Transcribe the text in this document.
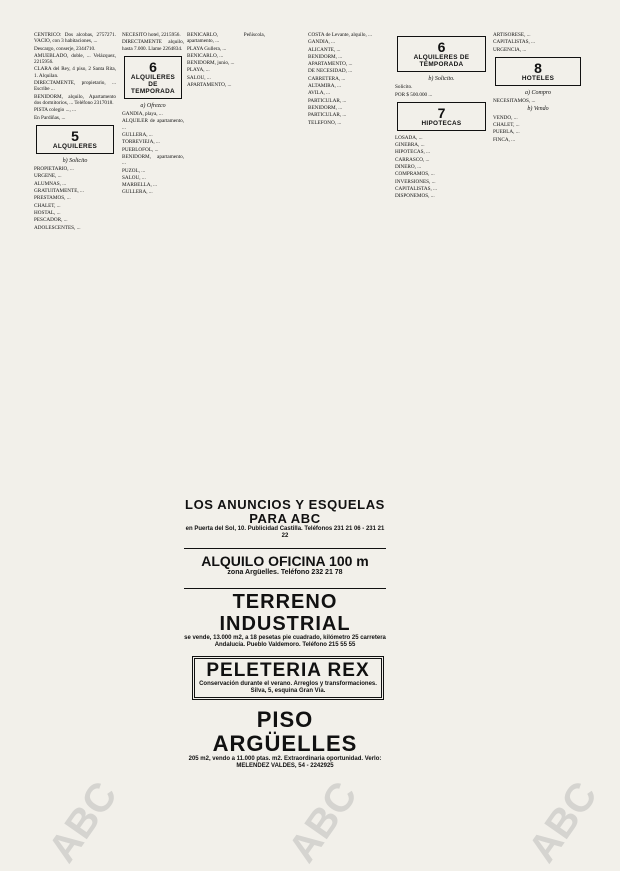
CENTRICO: Dos alcobas, 2757271. VACIO, con 3 habitaciones, ...

Descargo, conserje, 2344710.

AMUEBLADO, doble, ... Velázquez, 2215956.

CLARA del Rey, 4 piso, 2 Santa Rita, 1. Alquilan.

DIRECTAMENTE, propietario, ... Escribe ...

BENIDORM, alquilo, Apartamento dos dormitorios, ... Teléfono 2317018.

PISTA colegio ..., ...

En Pardiñas, ...

5
ALQUILERES
b) Solicito

PROPIETARIO, ...

URGENE, ...

ALUMNAS, ...

GRATUITAMENTE, ...

PRESTAMOS, ...

CHALET, ...

HOSTAL, ...

PESCADOR, ...

ADOLESCENTES, ...

NECESITO hotel, 2215956.

DIRECTAMENTE alquilo, hasta 7.000. Llame 2264834.

6
ALQUILERES DE TEMPORADA
a) Ofrezco

GANDIA, playa, ...

ALQUILER de apartamento, ...

GULLERA, ...

TORREVIEJA, ...

PUEBLOFOL, ...

BENIDORM, apartamento, ...

PUZOL, ...

SALOU, ...

MARBELLA, ...

GULLERA, ...

BENICARLO, Peñíscola, apartamento, ...

PLAYA Gullera, ...

BENICARLO, ...

BENIDORM, junio, ...

PLAYA, ...

SALOU, ...

APARTAMENTO, ...

COSTA de Levante, alquilo, ...

GANDIA, ...

ALICANTE, ...

BENIDORM, ...

APARTAMENTO, ...

DE NECESIDAD, ...

CARRETERA, ...

ALTAMIRA, ...

AVILA, ...

PARTICULAR, ...

BENIDORM, ...

PARTICULAR, ...

TELEFONO, ...

6
ALQUILERES DE TEMPORADA
b) Solicito.

Solicito.

POR $ 500.000 ...

7
HIPOTECAS

LOSADA, ...

GINEBRA, ...

HIPOTECAS, ...

CARRASCO, ...

DINERO, ...

COMPRAMOS, ...

INVERSIONES, ...

CAPITALISTAS, ...

DISPONEMOS, ...

ARTISORESE, ...

CAPITALISTAS, ...

URGENCIA, ...

8
HOTELES
a) Compro

NECESITAMOS, ...

b) Vendo

VENDO, ...

CHALET, ...

PUEBLA, ...

FINCA, ...

LOS ANUNCIOS Y ESQUELAS PARA ABC
en Puerta del Sol, 10. Publicidad Castilla. Teléfonos 231 21 06 - 231 21 22
ALQUILO OFICINA 100 m
zona Argüelles. Teléfono 232 21 78
TERRENO INDUSTRIAL
se vende, 13.000 m2, a 18 pesetas pie cuadrado, kilómetro 25 carretera Andalucía. Pueblo Valdemoro. Teléfono 215 55 55
PELETERIA REX
Conservación durante el verano. Arreglos y transformaciones. Silva, 5, esquina Gran Vía.
PISO ARGÜELLES
205 m2, vendo a 11.000 ptas. m2. Extraordinaria oportunidad. Verlo: MELENDEZ VALDES, 54 - 2242925
ABC	ABC	ABC
